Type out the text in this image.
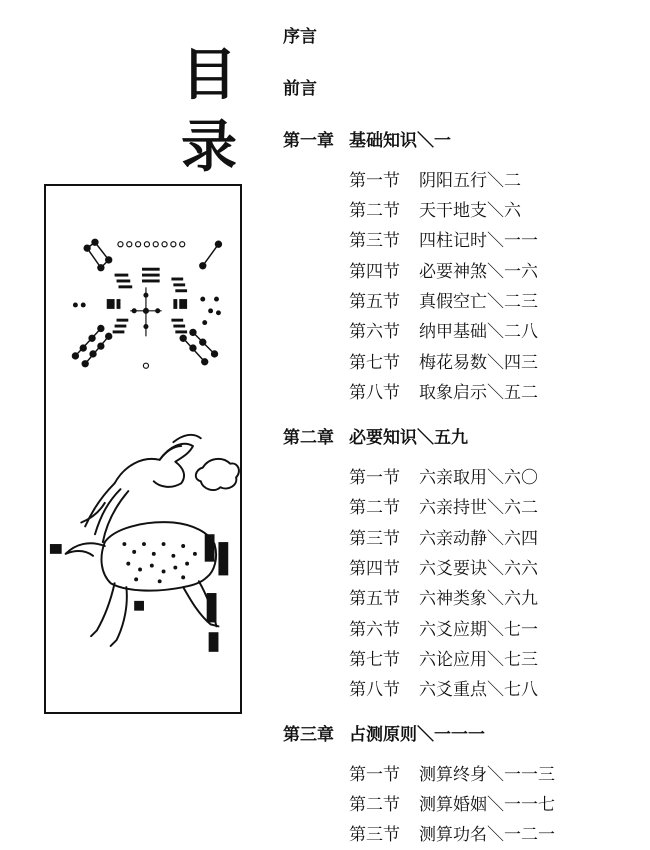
目
录
序言
前言
第一章 基础知识＼一
第一节 阴阳五行＼二
第二节 天干地支＼六
第三节 四柱记时＼一一
第四节 必要神煞＼一六
第五节 真假空亡＼二三
第六节 纳甲基础＼二八
第七节 梅花易数＼四三
第八节 取象启示＼五二
第二章 必要知识＼五九
第一节 六亲取用＼六〇
第二节 六亲持世＼六二
第三节 六亲动静＼六四
第四节 六爻要诀＼六六
第五节 六神类象＼六九
第六节 六爻应期＼七一
第七节 六论应用＼七三
第八节 六爻重点＼七八
第三章 占测原则＼一一一
第一节 测算终身＼一一三
第二节 测算婚姻＼一一七
第三节 测算功名＼一二一
